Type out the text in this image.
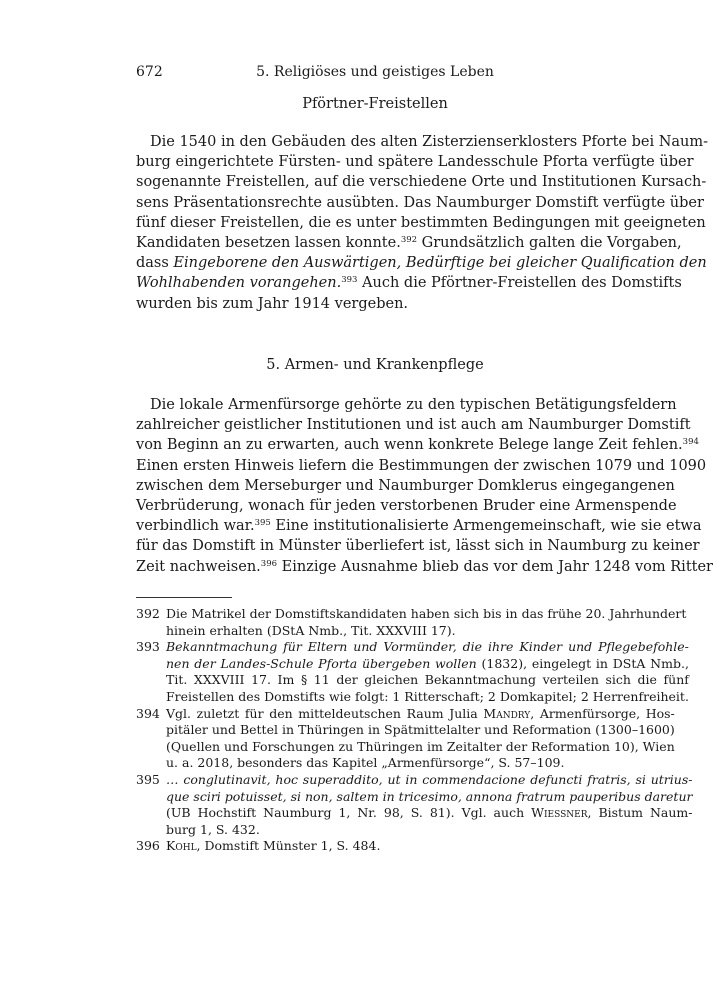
672	5. Religiöses und geistiges Leben
Pförtner-Freistellen
Die 1540 in den Gebäuden des alten Zisterzienserklosters Pforte bei Naum-
burg eingerichtete Fürsten- und spätere Landesschule Pforta verfügte über
sogenannte Freistellen, auf die verschiedene Orte und Institutionen Kursach-
sens Präsentationsrechte ausübten. Das Naumburger Domstift verfügte über
fünf dieser Freistellen, die es unter bestimmten Bedingungen mit geeigneten
Kandidaten besetzen lassen konnte.$^{392}$ Grundsätzlich galten die Vorgaben,
dass Eingeborene den Auswärtigen, Bedürftige bei gleicher Qualification den
Wohlhabenden vorangehen.$^{393}$ Auch die Pförtner-Freistellen des Domstifts
wurden bis zum Jahr 1914 vergeben.
5. Armen- und Krankenpflege
Die lokale Armenfürsorge gehörte zu den typischen Betätigungsfeldern
zahlreicher geistlicher Institutionen und ist auch am Naumburger Domstift
von Beginn an zu erwarten, auch wenn konkrete Belege lange Zeit fehlen.$^{394}$
Einen ersten Hinweis liefern die Bestimmungen der zwischen 1079 und 1090
zwischen dem Merseburger und Naumburger Domklerus eingegangenen
Verbrüderung, wonach für jeden verstorbenen Bruder eine Armenspende
verbindlich war.$^{395}$ Eine institutionalisierte Armengemeinschaft, wie sie etwa
für das Domstift in Münster überliefert ist, lässt sich in Naumburg zu keiner
Zeit nachweisen.$^{396}$ Einzige Ausnahme blieb das vor dem Jahr 1248 vom Ritter
392 Die Matrikel der Domstiftskandidaten haben sich bis in das frühe 20. Jahrhundert
hinein erhalten (DStA Nmb., Tit. XXXVIII 17).
393 Bekanntmachung für Eltern und Vormünder, die ihre Kinder und Pflegebefohle-
nen der Landes-Schule Pforta übergeben wollen (1832), eingelegt in DStA Nmb.,
Tit. XXXVIII 17. Im § 11 der gleichen Bekanntmachung verteilen sich die fünf
Freistellen des Domstifts wie folgt: 1 Ritterschaft; 2 Domkapitel; 2 Herrenfreiheit.
394 Vgl. zuletzt für den mitteldeutschen Raum Julia Mandry, Armenfürsorge, Hos-
pitäler und Bettel in Thüringen in Spätmittelalter und Reformation (1300–1600)
(Quellen und Forschungen zu Thüringen im Zeitalter der Reformation 10), Wien
u. a. 2018, besonders das Kapitel „Armenfürsorge“, S. 57–109.
395 … conglutinavit, hoc superaddito, ut in commendacione defuncti fratris, si utrius-
que sciri potuisset, si non, saltem in tricesimo, annona fratrum pauperibus daretur
(UB Hochstift Naumburg 1, Nr. 98, S. 81). Vgl. auch Wiessner, Bistum Naum-
burg 1, S. 432.
396 Kohl, Domstift Münster 1, S. 484.
